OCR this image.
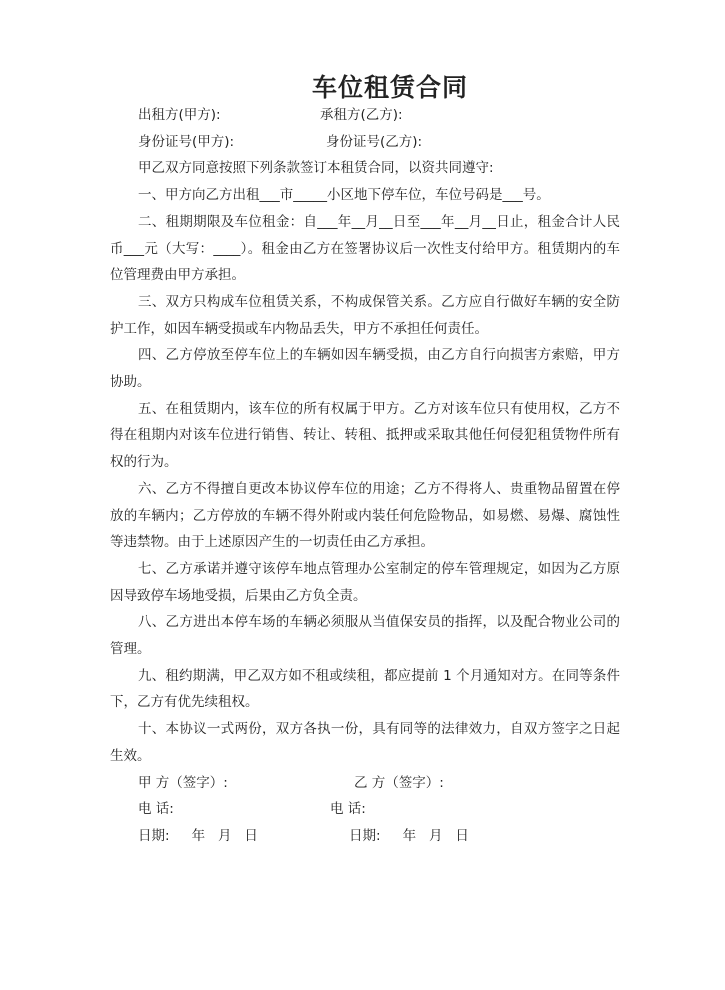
车位租赁合同
出租方(甲方):	承租方(乙方):
身份证号(甲方):	身份证号(乙方):

甲乙双方同意按照下列条款签订本租赁合同，以资共同遵守:

一、甲方向乙方出租___市_____小区地下停车位，车位号码是___号。

二、租期期限及车位租金：自___年__月__日至___年__月__日止，租金合计人民币___元（大写：____）。租金由乙方在签署协议后一次性支付给甲方。租赁期内的车位管理费由甲方承担。

三、双方只构成车位租赁关系，不构成保管关系。乙方应自行做好车辆的安全防护工作，如因车辆受损或车内物品丢失，甲方不承担任何责任。

四、乙方停放至停车位上的车辆如因车辆受损，由乙方自行向损害方索赔，甲方协助。

五、在租赁期内，该车位的所有权属于甲方。乙方对该车位只有使用权，乙方不得在租期内对该车位进行销售、转让、转租、抵押或采取其他任何侵犯租赁物件所有权的行为。

六、乙方不得擅自更改本协议停车位的用途；乙方不得将人、贵重物品留置在停放的车辆内；乙方停放的车辆不得外附或内装任何危险物品，如易燃、易爆、腐蚀性等违禁物。由于上述原因产生的一切责任由乙方承担。

七、乙方承诺并遵守该停车地点管理办公室制定的停车管理规定，如因为乙方原因导致停车场地受损，后果由乙方负全责。

八、乙方进出本停车场的车辆必须服从当值保安员的指挥，以及配合物业公司的管理。

九、租约期满，甲乙双方如不租或续租，都应提前 1 个月通知对方。在同等条件下，乙方有优先续租权。

十、本协议一式两份，双方各执一份，具有同等的法律效力，自双方签字之日起生效。

甲 方（签字）:	乙 方（签字）:
电 话:	电 话:
日期: 年 月 日	日期: 年 月 日
